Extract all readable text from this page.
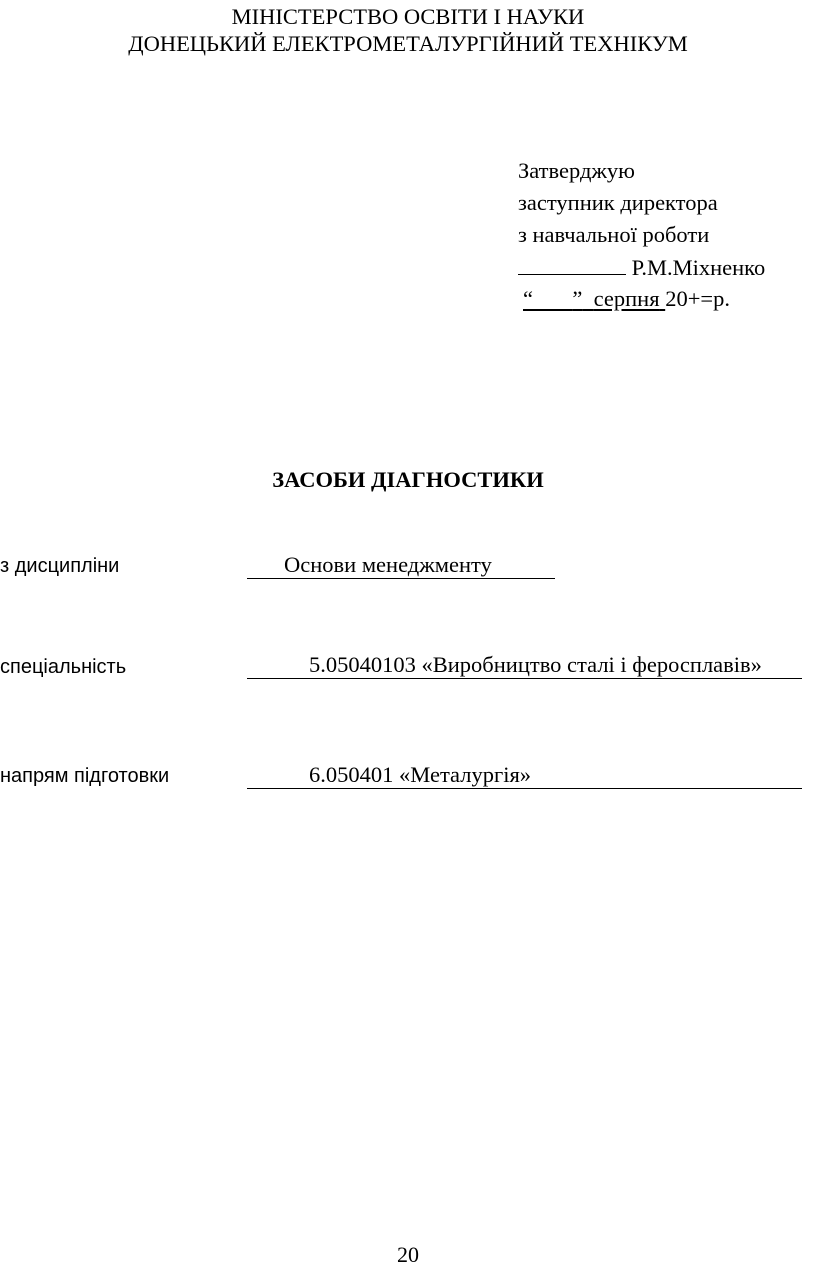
МІНІСТЕРСТВО ОСВІТИ І НАУКИ
ДОНЕЦЬКИЙ ЕЛЕКТРОМЕТАЛУРГІЙНИЙ ТЕХНІКУМ
Затверджую
заступник директора
з навчальної роботи
Р.М.Міхненко
“ ” серпня 20+=р.
ЗАСОБИ ДІАГНОСТИКИ
з дисципліни	Основи менеджменту
спеціальність	5.05040103 «Виробництво сталі і феросплавів»
напрям підготовки	6.050401 «Металургія»
20
